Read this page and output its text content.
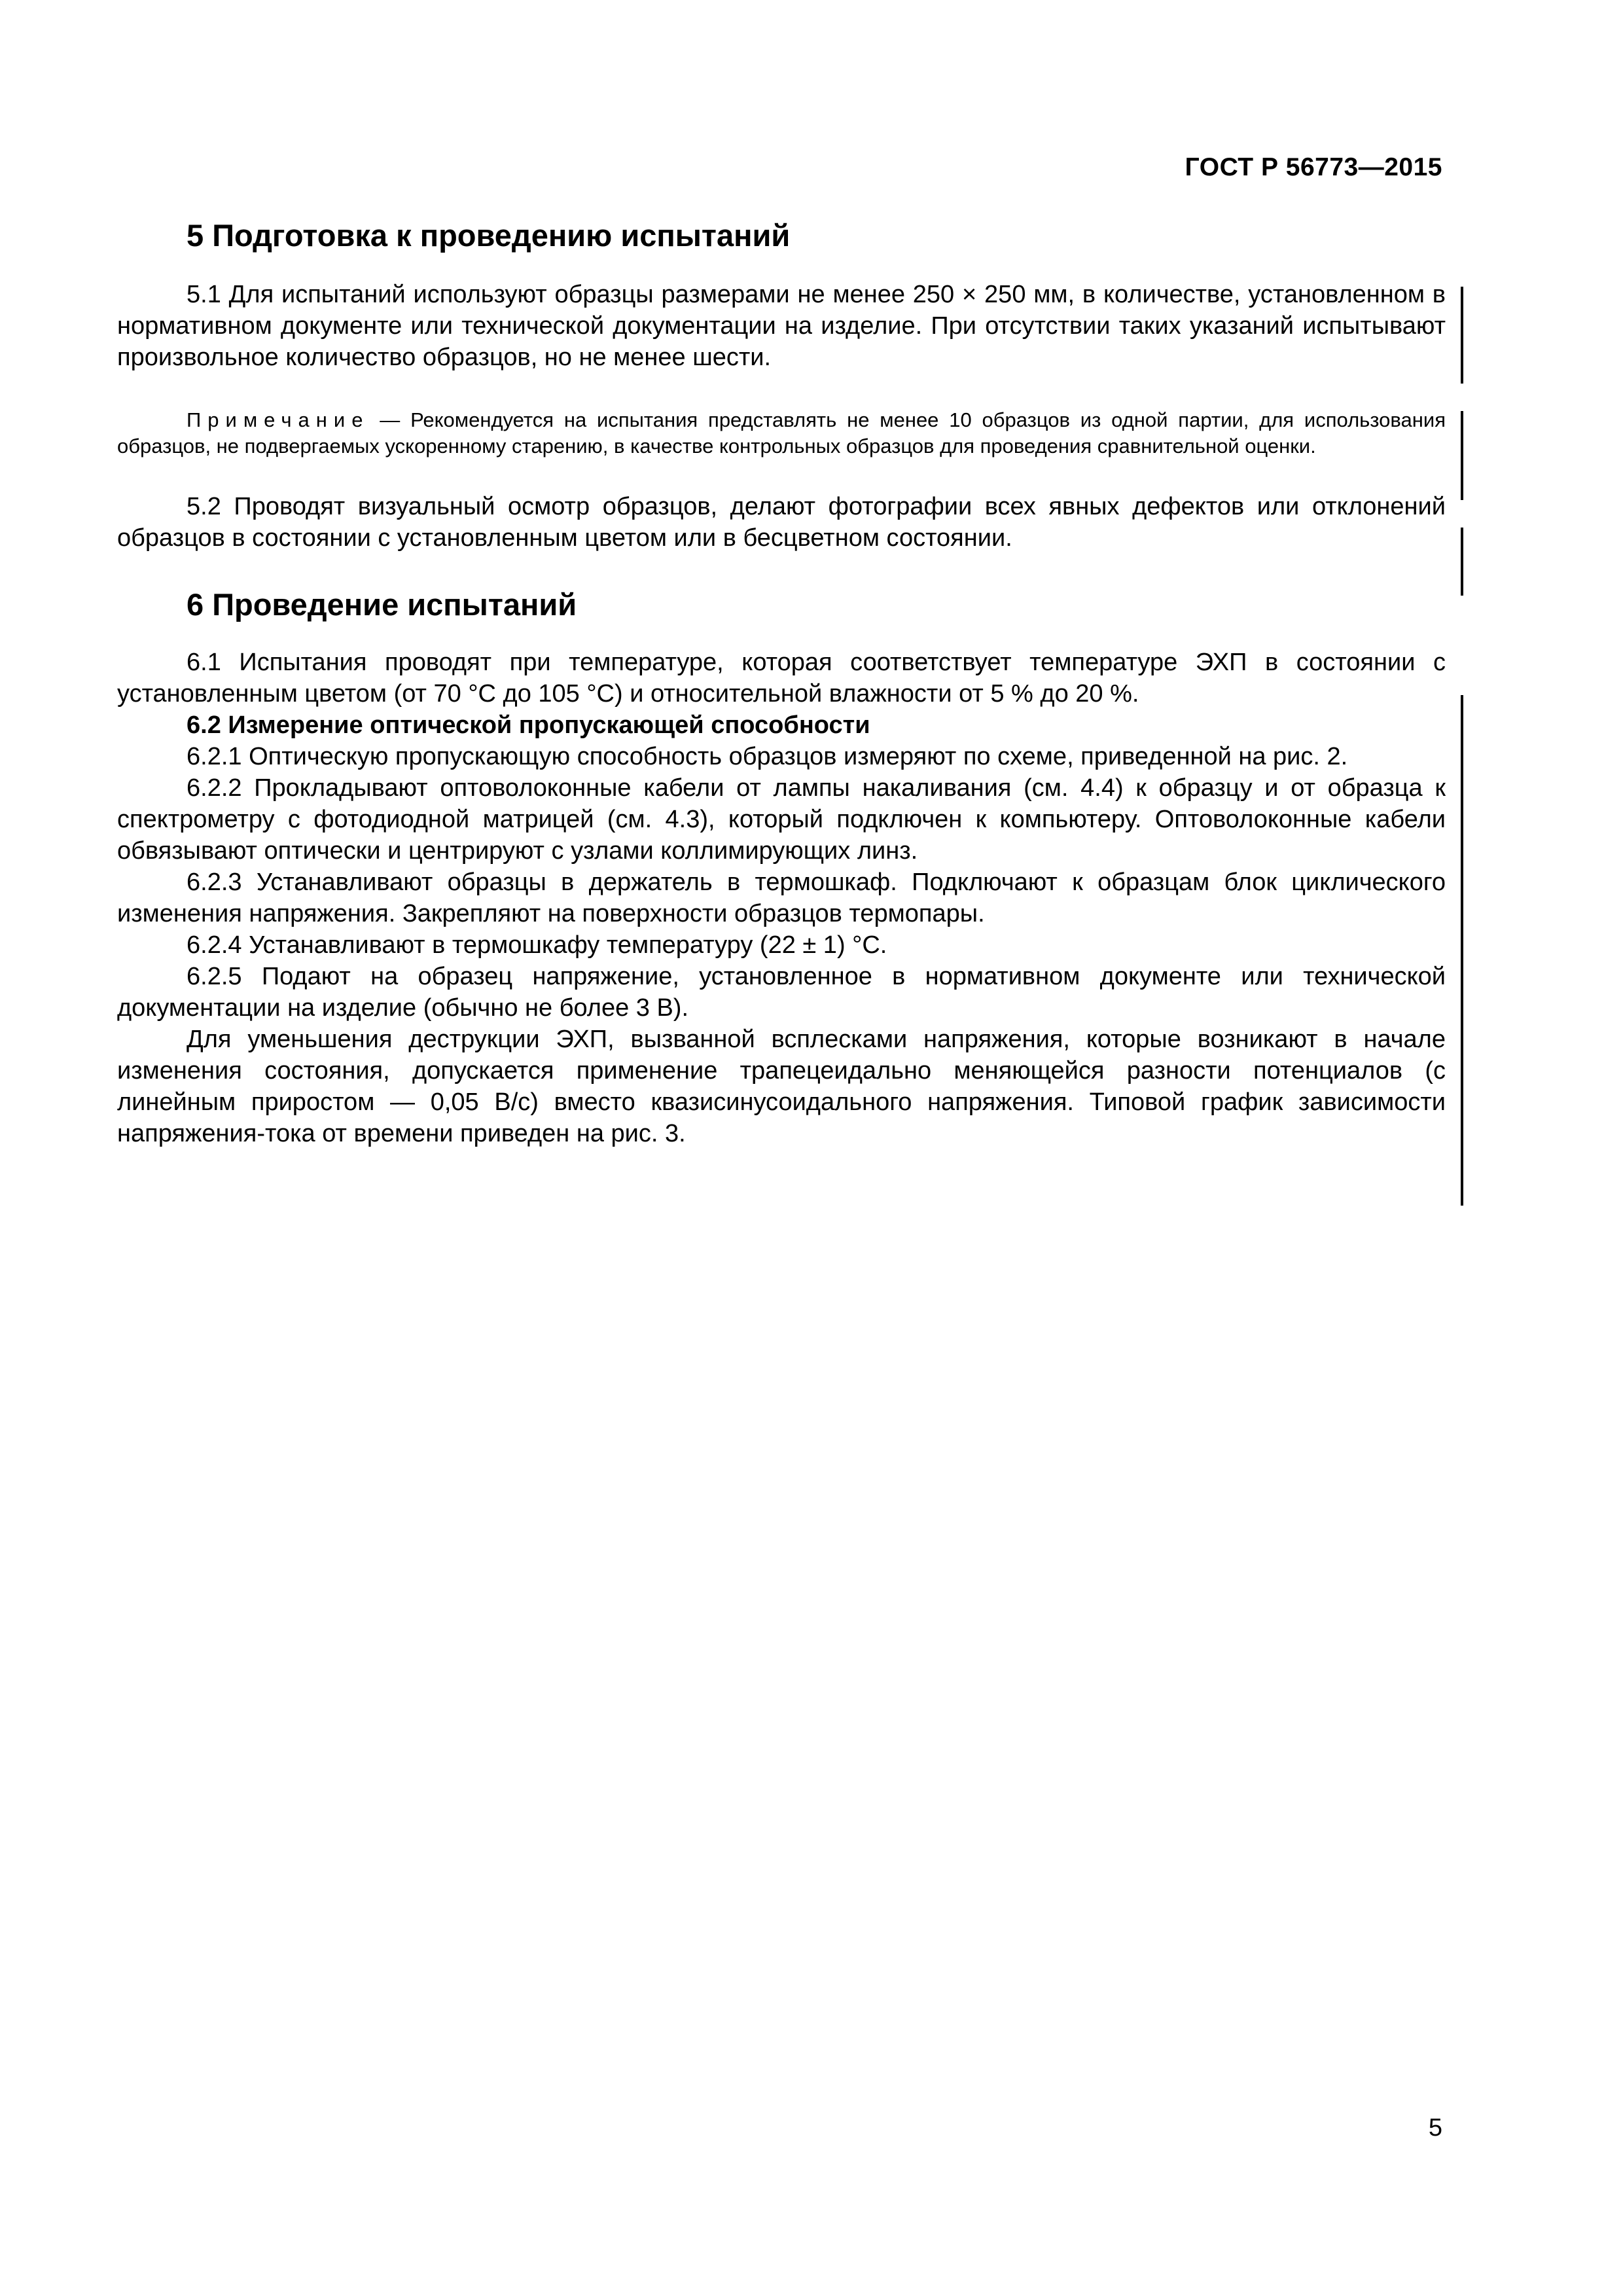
ГОСТ Р 56773—2015
5 Подготовка к проведению испытаний

5.1 Для испытаний используют образцы размерами не менее 250 × 250 мм, в количестве, установленном в нормативном документе или технической документации на изделие. При отсутствии таких указаний испытывают произвольное количество образцов, но не менее шести.

Примечание — Рекомендуется на испытания представлять не менее 10 образцов из одной партии, для использования образцов, не подвергаемых ускоренному старению, в качестве контрольных образцов для проведения сравнительной оценки.

5.2 Проводят визуальный осмотр образцов, делают фотографии всех явных дефектов или отклонений образцов в состоянии с установленным цветом или в бесцветном состоянии.

6 Проведение испытаний

6.1 Испытания проводят при температуре, которая соответствует температуре ЭХП в состоянии с установленным цветом (от 70 °С до 105 °С) и относительной влажности от 5 % до 20 %.

6.2 Измерение оптической пропускающей способности

6.2.1 Оптическую пропускающую способность образцов измеряют по схеме, приведенной на рис. 2.

6.2.2 Прокладывают оптоволоконные кабели от лампы накаливания (см. 4.4) к образцу и от образца к спектрометру с фотодиодной матрицей (см. 4.3), который подключен к компьютеру. Оптоволоконные кабели обвязывают оптически и центрируют с узлами коллимирующих линз.

6.2.3 Устанавливают образцы в держатель в термошкаф. Подключают к образцам блок циклического изменения напряжения. Закрепляют на поверхности образцов термопары.

6.2.4 Устанавливают в термошкафу температуру (22 ± 1) °С.

6.2.5 Подают на образец напряжение, установленное в нормативном документе или технической документации на изделие (обычно не более 3 В).

Для уменьшения деструкции ЭХП, вызванной всплесками напряжения, которые возникают в начале изменения состояния, допускается применение трапецеидально меняющейся разности потенциалов (с линейным приростом — 0,05 В/с) вместо квазисинусоидального напряжения. Типовой график зависимости напряжения-тока от времени приведен на рис. 3.

5
